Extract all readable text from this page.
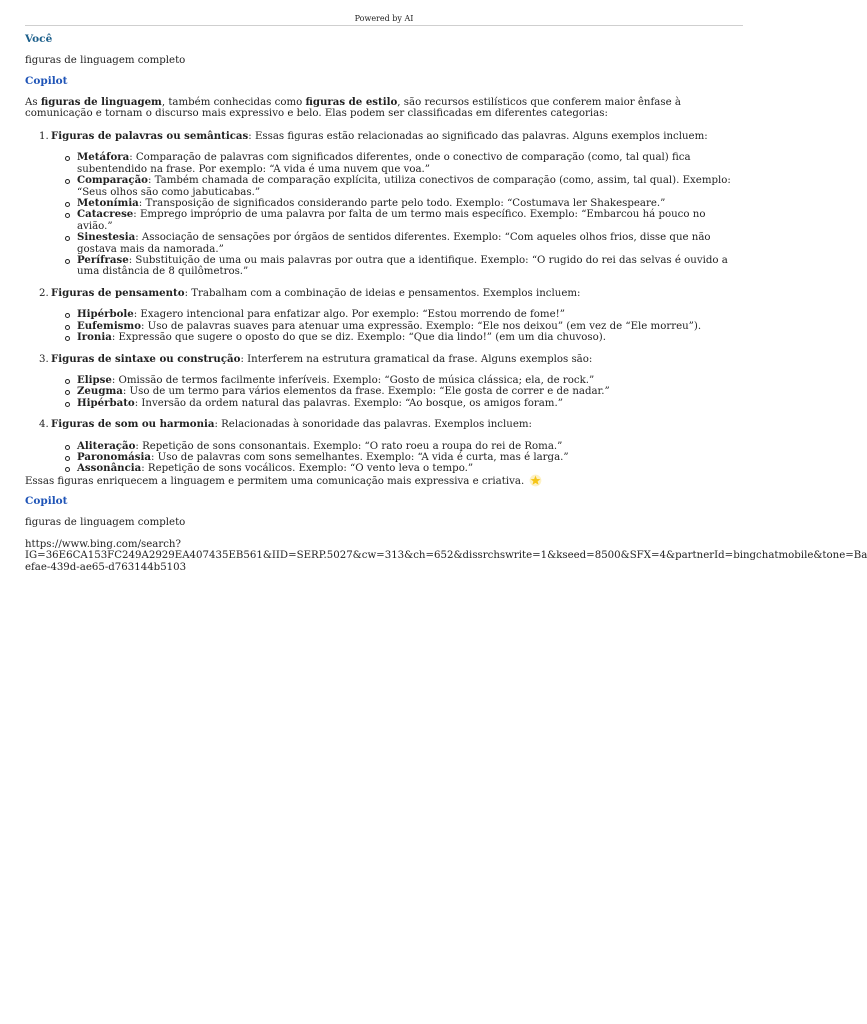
Powered by AI
Você
figuras de linguagem completo
Copilot
As figuras de linguagem, também conhecidas como figuras de estilo, são recursos estilísticos que conferem maior ênfase à comunicação e tornam o discurso mais expressivo e belo. Elas podem ser classificadas em diferentes categorias:
1. Figuras de palavras ou semânticas: Essas figuras estão relacionadas ao significado das palavras. Alguns exemplos incluem:
Metáfora: Comparação de palavras com significados diferentes, onde o conectivo de comparação (como, tal qual) fica subentendido na frase. Por exemplo: “A vida é uma nuvem que voa.”
Comparação: Também chamada de comparação explícita, utiliza conectivos de comparação (como, assim, tal qual). Exemplo: “Seus olhos são como jabuticabas.”
Metonímia: Transposição de significados considerando parte pelo todo. Exemplo: “Costumava ler Shakespeare.”
Catacrese: Emprego impróprio de uma palavra por falta de um termo mais específico. Exemplo: “Embarcou há pouco no avião.”
Sinestesia: Associação de sensações por órgãos de sentidos diferentes. Exemplo: “Com aqueles olhos frios, disse que não gostava mais da namorada.”
Perífrase: Substituição de uma ou mais palavras por outra que a identifique. Exemplo: “O rugido do rei das selvas é ouvido a uma distância de 8 quilômetros.”
2. Figuras de pensamento: Trabalham com a combinação de ideias e pensamentos. Exemplos incluem:
Hipérbole: Exagero intencional para enfatizar algo. Por exemplo: “Estou morrendo de fome!”
Eufemismo: Uso de palavras suaves para atenuar uma expressão. Exemplo: “Ele nos deixou” (em vez de “Ele morreu”).
Ironia: Expressão que sugere o oposto do que se diz. Exemplo: “Que dia lindo!” (em um dia chuvoso).
3. Figuras de sintaxe ou construção: Interferem na estrutura gramatical da frase. Alguns exemplos são:
Elipse: Omissão de termos facilmente inferíveis. Exemplo: “Gosto de música clássica; ela, de rock.”
Zeugma: Uso de um termo para vários elementos da frase. Exemplo: “Ele gosta de correr e de nadar.”
Hipérbato: Inversão da ordem natural das palavras. Exemplo: “Ao bosque, os amigos foram.”
4. Figuras de som ou harmonia: Relacionadas à sonoridade das palavras. Exemplos incluem:
Aliteração: Repetição de sons consonantais. Exemplo: “O rato roeu a roupa do rei de Roma.”
Paronomásia: Uso de palavras com sons semelhantes. Exemplo: “A vida é curta, mas é larga.”
Assonância: Repetição de sons vocálicos. Exemplo: “O vento leva o tempo.”
Essas figuras enriquecem a linguagem e permitem uma comunicação mais expressiva e criativa.
Copilot
figuras de linguagem completo
https://www.bing.com/search?
IG=36E6CA153FC249A2929EA407435EB561&IID=SERP.5027&cw=313&ch=652&dissrchswrite=1&kseed=8500&SFX=4&partnerId=bingchatmobile&tone=Ba
efae-439d-ae65-d763144b5103
